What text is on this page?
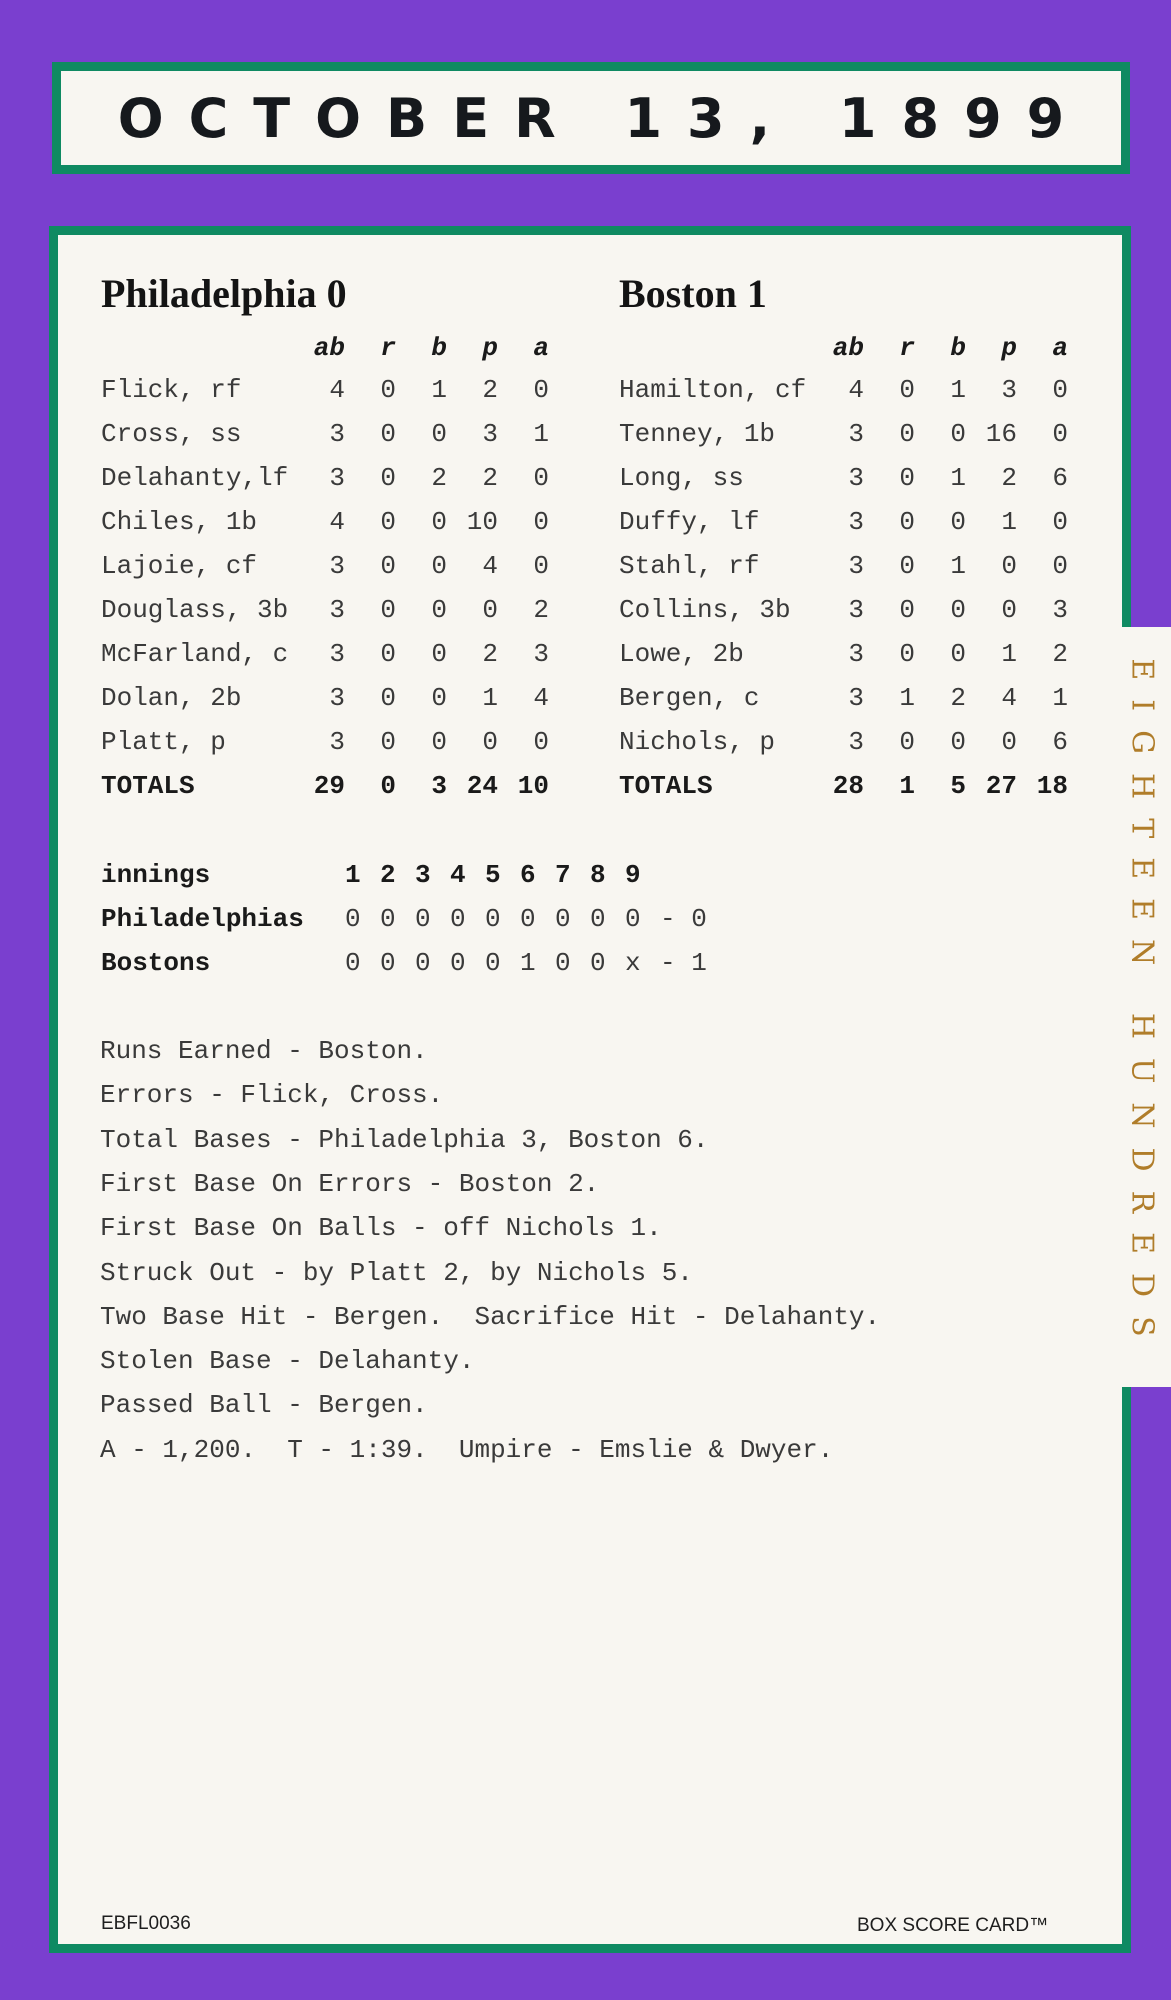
OCTOBER 13, 1899
EIGHTEEN HUNDREDS
Philadelphia 0	Boston 1
ab r b p a
Flick, rf	4 0 1 2 0
Cross, ss	3 0 0 3 1
Delahanty,lf 3 0 2 2 0
Chiles, 1b	4 0 0 10 0
Lajoie, cf	3 0 0 4 0
Douglass, 3b 3 0 0 0 2
McFarland, c 3 0 0 2 3
Dolan, 2b	3 0 0 1 4
Platt, p	3 0 0 0 0
TOTALS	29 0 3 24 10
ab r b p a
Hamilton, cf 4 0 1 3 0
Tenney, 1b	3 0 0 16 0
Long, ss	3 0 1 2 6
Duffy, lf	3 0 0 1 0
Stahl, rf	3 0 1 0 0
Collins, 3b 3 0 0 0 3
Lowe, 2b	3 0 0 1 2
Bergen, c	3 1 2 4 1
Nichols, p	3 0 0 0 6
TOTALS	28 1 5 27 18
innings	1 2 3 4 5 6 7 8 9
Philadelphias 0 0 0 0 0 0 0 0 0 - 0
Bostons	0 0 0 0 0 1 0 0 x - 1
Runs Earned - Boston.
Errors - Flick, Cross.
Total Bases - Philadelphia 3, Boston 6.
First Base On Errors - Boston 2.
First Base On Balls - off Nichols 1.
Struck Out - by Platt 2, by Nichols 5.
Two Base Hit - Bergen.  Sacrifice Hit - Delahanty.
Stolen Base - Delahanty.
Passed Ball - Bergen.
A - 1,200.  T - 1:39.  Umpire - Emslie & Dwyer.
EBFL0036	BOX SCORE CARD™
